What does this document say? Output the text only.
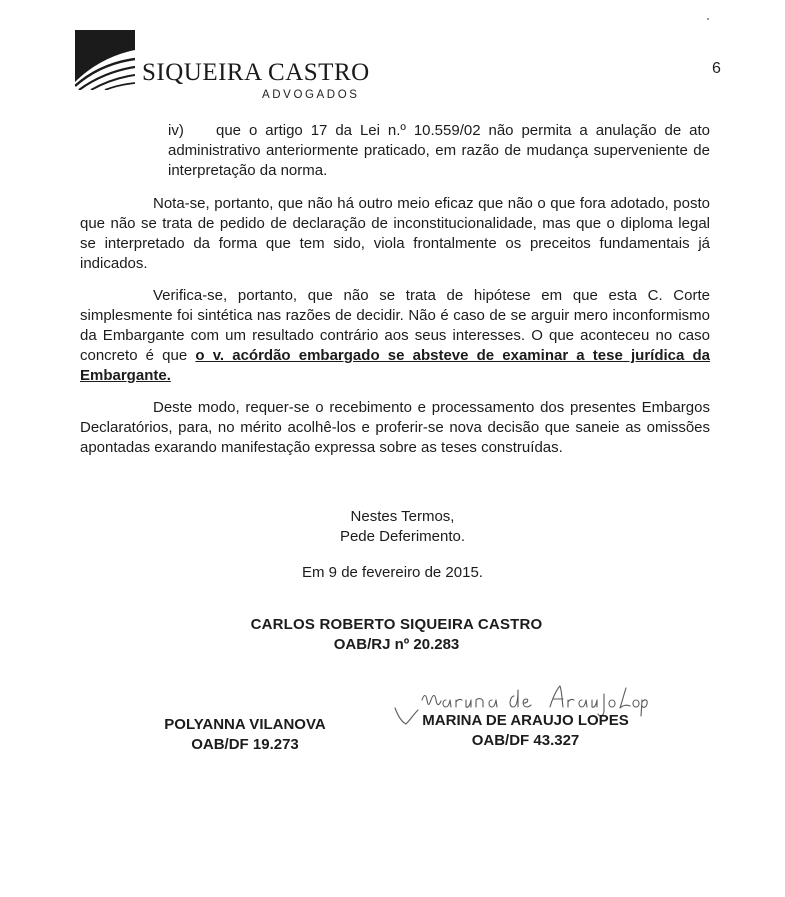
SIQUEIRA CASTRO
ADVOGADOS
6
iv) que o artigo 17 da Lei n.º 10.559/02 não permita a anulação de ato administrativo anteriormente praticado, em razão de mudança superveniente de interpretação da norma.
Nota-se, portanto, que não há outro meio eficaz que não o que fora adotado, posto que não se trata de pedido de declaração de inconstitucionalidade, mas que o diploma legal se interpretado da forma que tem sido, viola frontalmente os preceitos fundamentais já indicados.
Verifica-se, portanto, que não se trata de hipótese em que esta C. Corte simplesmente foi sintética nas razões de decidir. Não é caso de se arguir mero inconformismo da Embargante com um resultado contrário aos seus interesses. O que aconteceu no caso concreto é que o v. acórdão embargado se absteve de examinar a tese jurídica da Embargante.
Deste modo, requer-se o recebimento e processamento dos presentes Embargos Declaratórios, para, no mérito acolhê-los e proferir-se nova decisão que saneie as omissões apontadas exarando manifestação expressa sobre as teses construídas.
Nestes Termos,
Pede Deferimento.
Em 9 de fevereiro de 2015.
CARLOS ROBERTO SIQUEIRA CASTRO
OAB/RJ nº 20.283
POLYANNA VILANOVA
OAB/DF 19.273
MARINA DE ARAUJO LOPES
OAB/DF 43.327
